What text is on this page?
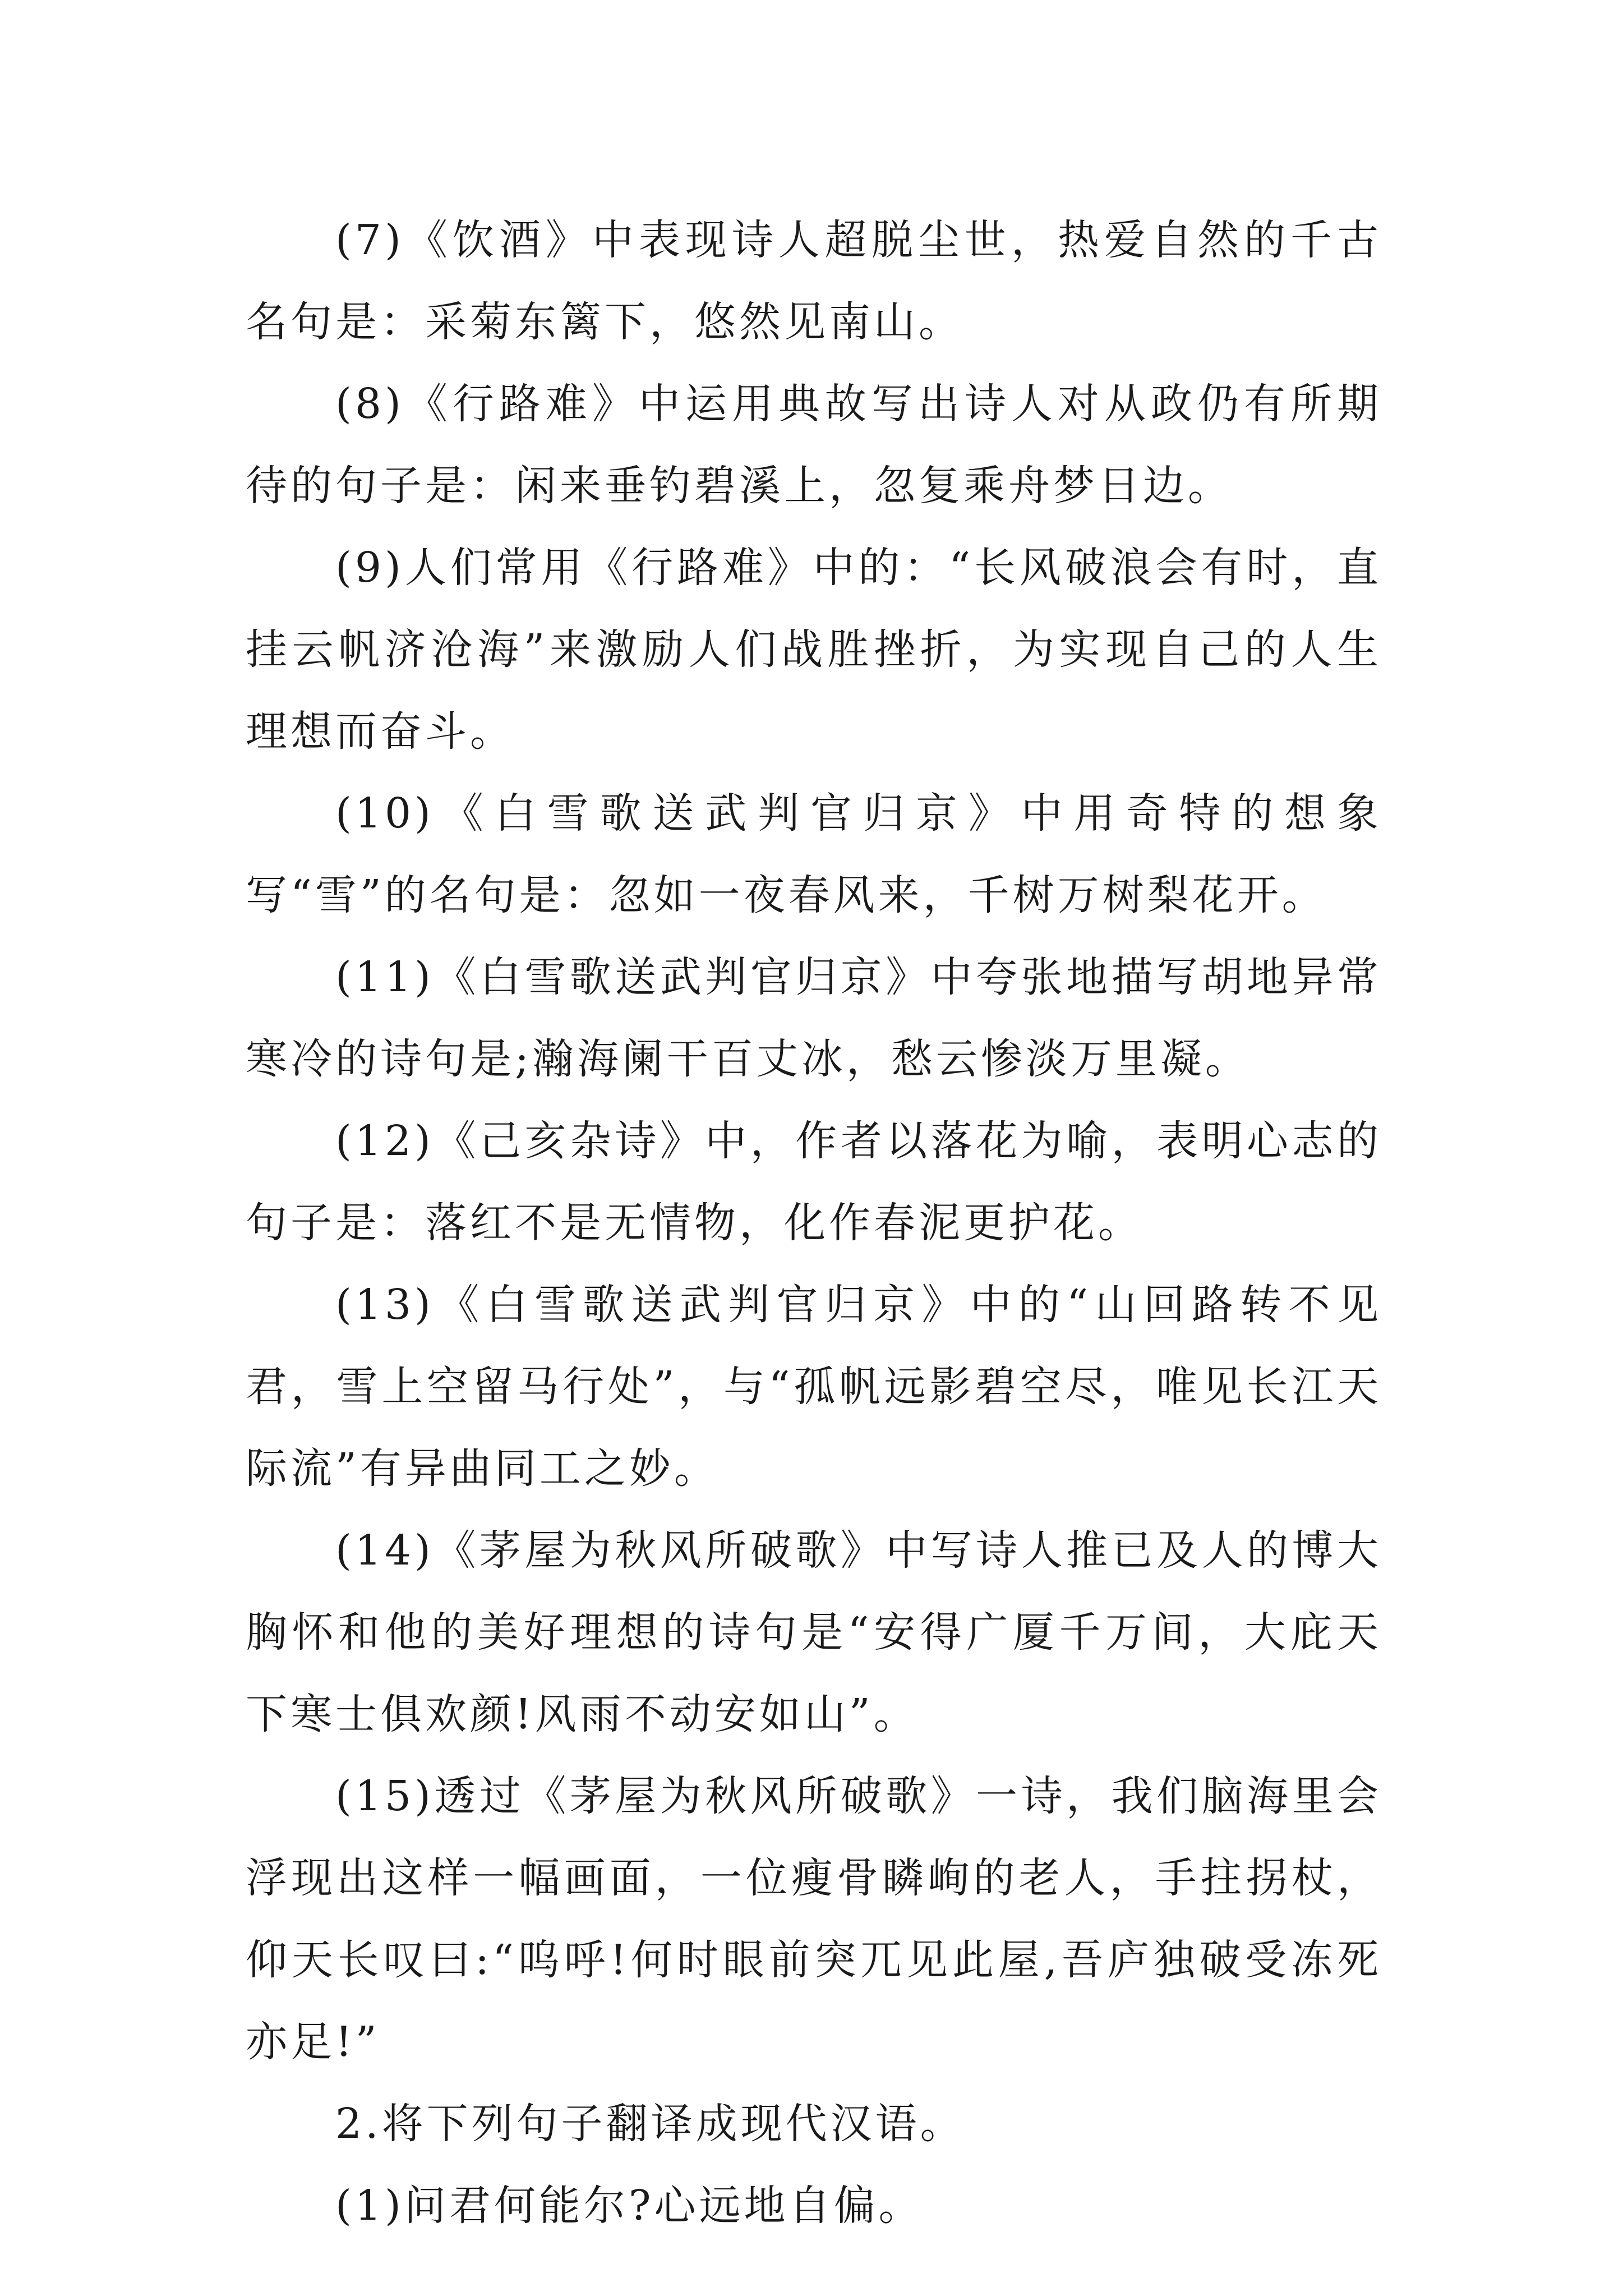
(7)《饮酒》中表现诗人超脱尘世，热爱自然的千古名句是：采菊东篱下，悠然见南山。

(8)《行路难》中运用典故写出诗人对从政仍有所期待的句子是：闲来垂钓碧溪上，忽复乘舟梦日边。

(9)人们常用《行路难》中的：“长风破浪会有时，直挂云帆济沧海”来激励人们战胜挫折，为实现自己的人生理想而奋斗。

(10)《白雪歌送武判官归京》中用奇特的想象写“雪”的名句是：忽如一夜春风来，千树万树梨花开。

(11)《白雪歌送武判官归京》中夸张地描写胡地异常寒冷的诗句是;瀚海阑干百丈冰，愁云惨淡万里凝。

(12)《己亥杂诗》中，作者以落花为喻，表明心志的句子是：落红不是无情物，化作春泥更护花。

(13)《白雪歌送武判官归京》中的“山回路转不见君，雪上空留马行处”，与“孤帆远影碧空尽，唯见长江天际流”有异曲同工之妙。

(14)《茅屋为秋风所破歌》中写诗人推已及人的博大胸怀和他的美好理想的诗句是“安得广厦千万间，大庇天下寒士俱欢颜!风雨不动安如山”。

(15)透过《茅屋为秋风所破歌》一诗，我们脑海里会浮现出这样一幅画面，一位瘦骨瞵峋的老人，手拄拐杖，仰天长叹曰:“呜呼!何时眼前突兀见此屋,吾庐独破受冻死亦足!”

2.将下列句子翻译成现代汉语。

(1)问君何能尔?心远地自偏。
